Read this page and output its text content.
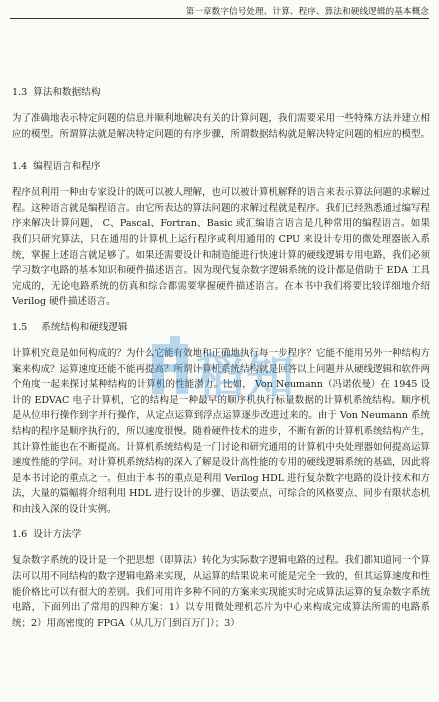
第一章数字信号处理、计算、程序、算法和硬线逻辑的基本概念
1.3 算法和数据结构

为了准确地表示特定问题的信息并顺利地解决有关的计算问题，我们需要采用一些特殊方法并建立相应的模型。所谓算法就是解决特定问题的有序步骤，所谓数据结构就是解决特定问题的相应的模型。

1.4 编程语言和程序

程序员利用一种由专家设计的既可以被人理解，也可以被计算机解释的语言来表示算法问题的求解过程。这种语言就是编程语言。由它所表达的算法问题的求解过程就是程序。我们已经熟悉通过编写程序来解决计算问题， C、Pascal、Fortran、Basic 或汇编语言语言是几种常用的编程语言。如果我们只研究算法，只在通用的计算机上运行程序或利用通用的 CPU 来设计专用的微处理器嵌入系统，掌握上述语言就足够了。如果还需要设计和制造能进行快速计算的硬线逻辑专用电路，我们必须学习数字电路的基本知识和硬件描述语言。因为现代复杂数字逻辑系统的设计都是借助于 EDA 工具完成的，无论电路系统的仿真和综合都需要掌握硬件描述语言。在本书中我们将要比较详细地介绍 Verilog 硬件描述语言。

1.5 系统结构和硬线逻辑

计算机究竟是如何构成的？为什么它能有效地和正确地执行每一步程序？它能不能用另外一种结构方案来构成？运算速度还能不能再提高？所谓计算机系统结构就是回答以上问题并从硬线逻辑和软件两个角度一起来探讨某种结构的计算机的性能潜力。比如， Von Neumann（冯诺依曼）在 1945 设计的 EDVAC 电子计算机，它的结构是一种最早的顺序机执行标量数据的计算机系统结构。顺序机是从位串行操作到字并行操作，从定点运算到浮点运算逐步改进过来的。由于 Von Neumann 系统结构的程序是顺序执行的，所以速度很慢。随着硬件技术的进步，不断有新的计算机系统结构产生，其计算性能也在不断提高。计算机系统结构是一门讨论和研究通用的计算机中央处理器如何提高运算速度性能的学问。对计算机系统结构的深入了解是设计高性能的专用的硬线逻辑系统的基础，因此将是本书讨论的重点之一。但由于本书的重点是利用 Verilog HDL 进行复杂数字电路的设计技术和方法，大量的篇幅将介绍利用 HDL 进行设计的步骤、语法要点、可综合的风格要点、同步有限状态机和由浅入深的设计实例。

1.6 设计方法学

复杂数字系统的设计是一个把思想（即算法）转化为实际数字逻辑电路的过程。我们都知道同一个算法可以用不同结构的数字逻辑电路来实现，从运算的结果说来可能是完全一致的，但其运算速度和性能价格比可以有很大的差别。我们可用许多种不同的方案来实现能实时完成算法运算的复杂数字系统电路，下面列出了常用的四种方案：1）以专用微处理机芯片为中心来构成完成算法所需的电路系统；2）用高密度的 FPGA（从几万门到百万门）；3）

稻知
